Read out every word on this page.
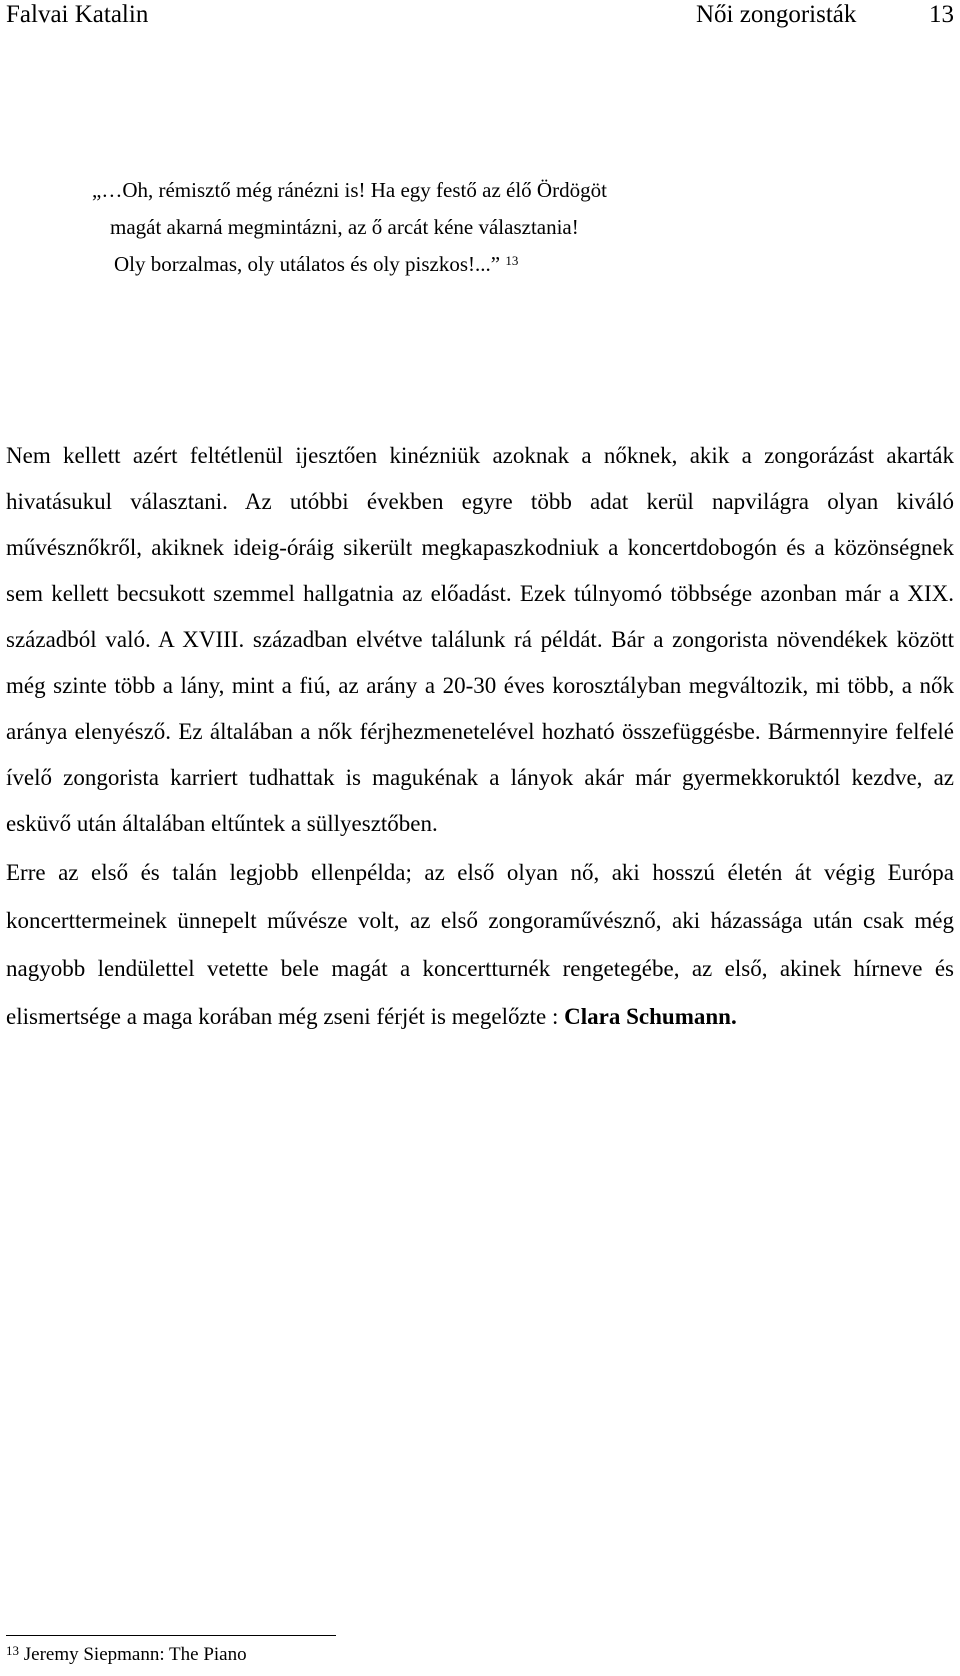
Falvai Katalin	Női zongoristák	13
„…Oh, rémisztő még ránézni is! Ha egy festő az élő Ördögöt
magát akarná megmintázni, az ő arcát kéne választania!
Oly borzalmas, oly utálatos és oly piszkos!...” $^{13}$

Nem kellett azért feltétlenül ijesztően kinézniük azoknak a nőknek, akik a zongorázást akarták hivatásukul választani. Az utóbbi években egyre több adat kerül napvilágra olyan kiváló művésznőkről, akiknek ideig-óráig sikerült megkapaszkodniuk a koncertdobogón és a közönségnek sem kellett becsukott szemmel hallgatnia az előadást. Ezek túlnyomó többsége azonban már a XIX. századból való. A XVIII. században elvétve találunk rá példát. Bár a zongorista növendékek között még szinte több a lány, mint a fiú, az arány a 20-30 éves korosztályban megváltozik, mi több, a nők aránya elenyésző. Ez általában a nők férjhezmenetelével hozható összefüggésbe. Bármennyire felfelé ívelő zongorista karriert tudhattak is magukénak a lányok akár már gyermekkoruktól kezdve, az esküvő után általában eltűntek a süllyesztőben.

Erre az első és talán legjobb ellenpélda; az első olyan nő, aki hosszú életén át végig Európa koncerttermeinek ünnepelt művésze volt, az első zongoraművésznő, aki házassága után csak még nagyobb lendülettel vetette bele magát a koncertturnék rengetegébe, az első, akinek hírneve és elismertsége a maga korában még zseni férjét is megelőzte : Clara Schumann.

$^{13}$ Jeremy Siepmann: The Piano
